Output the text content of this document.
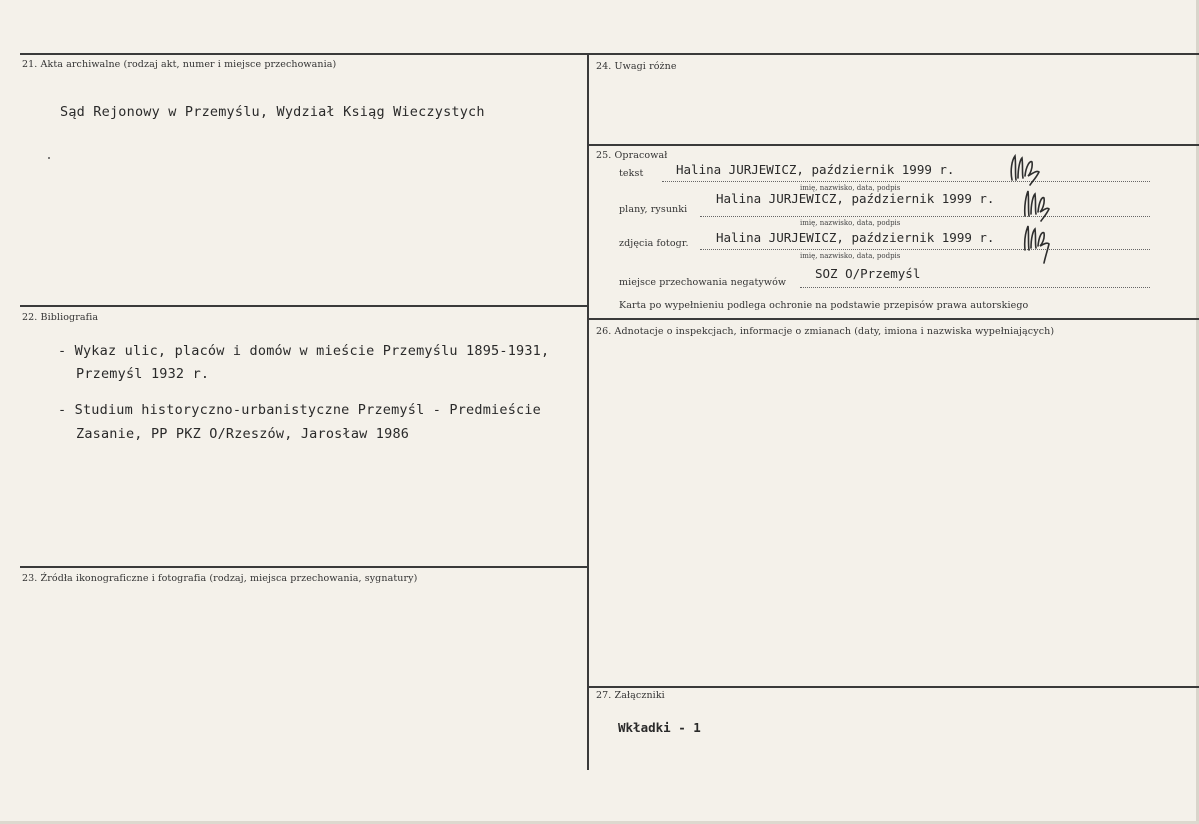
21. Akta archiwalne (rodzaj akt, numer i miejsce przechowania)
Sąd Rejonowy w Przemyślu, Wydział Ksiąg Wieczystych
22. Bibliografia
- Wykaz ulic, placów i domów w mieście Przemyślu 1895-1931,
Przemyśl 1932 r.
- Studium historyczno-urbanistyczne Przemyśl - Predmieście
Zasanie, PP PKZ O/Rzeszów, Jarosław 1986
23. Źródła ikonograficzne i fotografia (rodzaj, miejsca przechowania, sygnatury)
24. Uwagi różne
25. Opracował
tekst	Halina JURJEWICZ, październik 1999 r.
imię, nazwisko, data, podpis
plany, rysunki
Halina JURJEWICZ, październik 1999 r.
imię, nazwisko, data, podpis
zdjęcia fotogr. Halina JURJEWICZ, październik 1999 r.
imię, nazwisko, data, podpis
miejsce przechowania negatywów
SOZ O/Przemyśl
Karta po wypełnieniu podlega ochronie na podstawie przepisów prawa autorskiego
26. Adnotacje o inspekcjach, informacje o zmianach (daty, imiona i nazwiska wypełniających)
27. Załączniki
Wkładki - 1
